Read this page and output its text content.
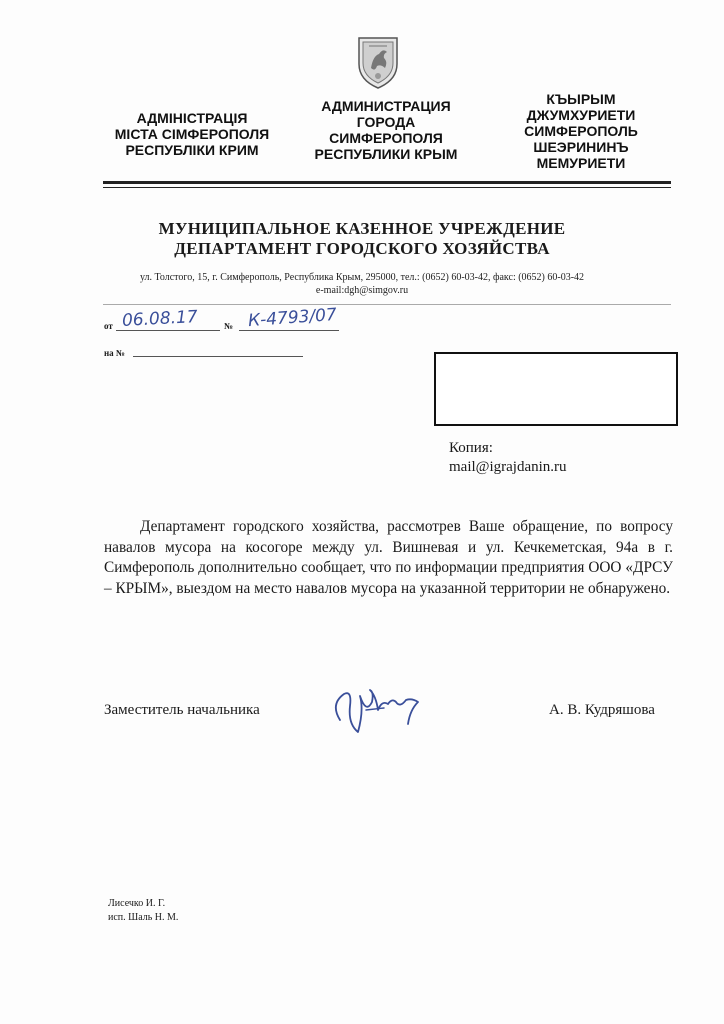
АДМІНІСТРАЦІЯ
МІСТА СІМФЕРОПОЛЯ
РЕСПУБЛІКИ КРИМ
АДМИНИСТРАЦИЯ
ГОРОДА
СИМФЕРОПОЛЯ
РЕСПУБЛИКИ КРЫМ
КЪЫРЫМ
ДЖУМХУРИЕТИ
СИМФЕРОПОЛЬ
ШЕЭРИНИНЪ
МЕМУРИЕТИ
МУНИЦИПАЛЬНОЕ КАЗЕННОЕ УЧРЕЖДЕНИЕ
ДЕПАРТАМЕНТ ГОРОДСКОГО ХОЗЯЙСТВА
ул. Толстого, 15, г. Симферополь, Республика Крым, 295000, тел.: (0652) 60-03-42, факс: (0652) 60-03-42
e-mail:dgh@simgov.ru
от 06.08.17	№ К-4793/07
на №
Копия:
mail@igrajdanin.ru
Департамент городского хозяйства, рассмотрев Ваше обращение, по вопросу навалов мусора на косогоре между ул. Вишневая и ул. Кечкеметская, 94а в г. Симферополь дополнительно сообщает, что по информации предприятия ООО «ДРСУ – КРЫМ», выездом на место навалов мусора на указанной территории не обнаружено.
Заместитель начальника	А. В. Кудряшова
Лисечко И. Г.
исп. Шаль Н. М.
